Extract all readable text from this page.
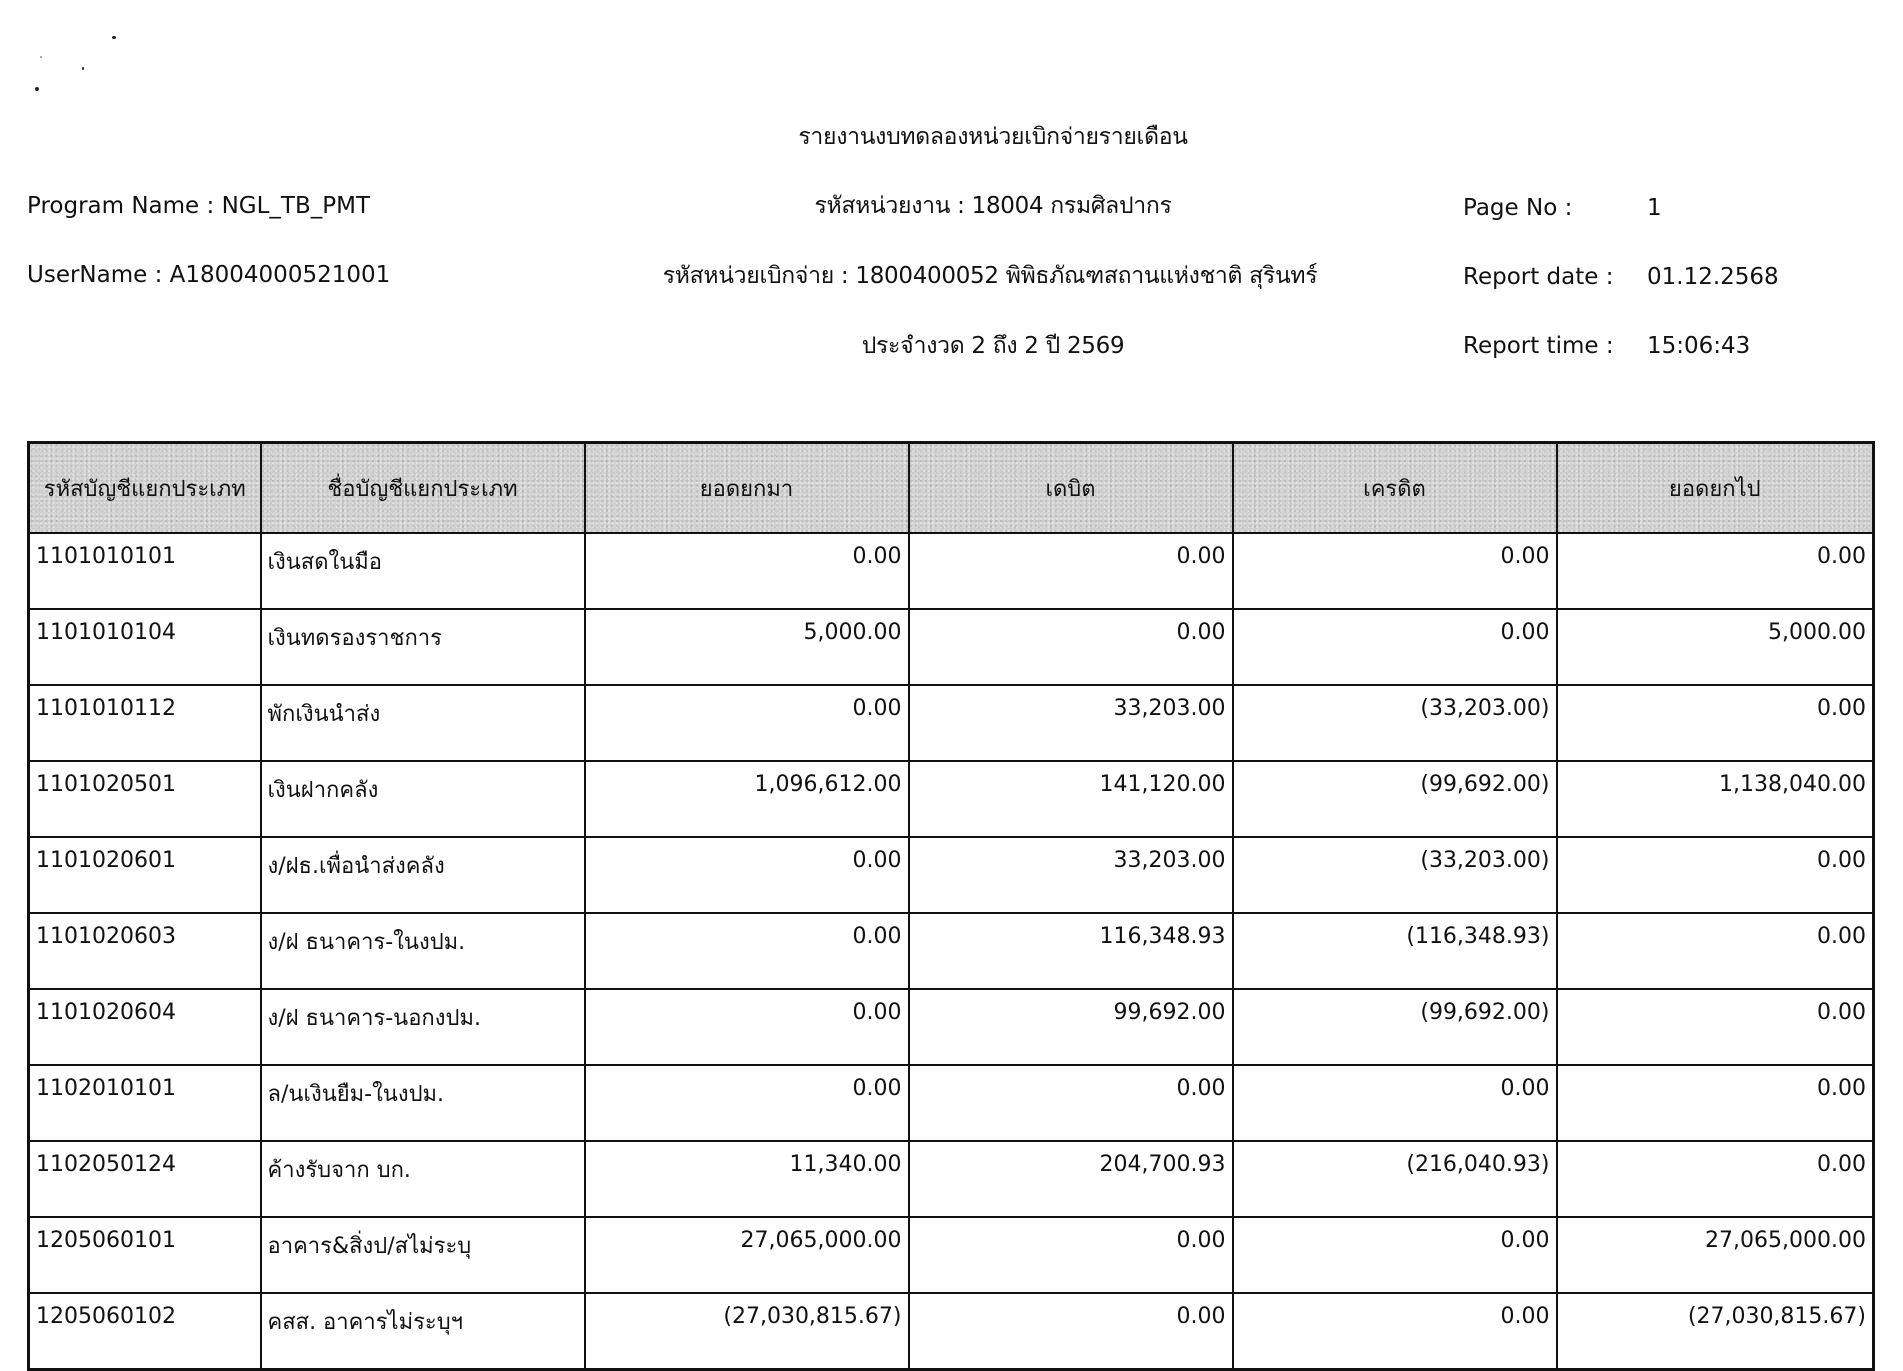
รายงานงบทดลองหน่วยเบิกจ่ายรายเดือน
รหัสหน่วยงาน : 18004 กรมศิลปากร
รหัสหน่วยเบิกจ่าย : 1800400052 พิพิธภัณฑสถานแห่งชาติ สุรินทร์
ประจำงวด 2 ถึง 2 ปี 2569
Program Name : NGL_TB_PMT
UserName : A18004000521001
Page No :	1
Report date : 01.12.2568
Report time : 15:06:43
รหัสบัญชีแยกประเภท	ชื่อบัญชีแยกประเภท	ยอดยกมา	เดบิต	เครดิต	ยอดยกไป
1101010101	เงินสดในมือ	0.00	0.00	0.00	0.00
1101010104	เงินทดรองราชการ	5,000.00	0.00	0.00	5,000.00
1101010112	พักเงินนำส่ง	0.00	33,203.00	(33,203.00)	0.00
1101020501	เงินฝากคลัง	1,096,612.00	141,120.00	(99,692.00)	1,138,040.00
1101020601	ง/ฝธ.เพื่อนำส่งคลัง	0.00	33,203.00	(33,203.00)	0.00
1101020603	ง/ฝ ธนาคาร-ในงปม.	0.00	116,348.93	(116,348.93)	0.00
1101020604	ง/ฝ ธนาคาร-นอกงปม.	0.00	99,692.00	(99,692.00)	0.00
1102010101	ล/นเงินยืม-ในงปม.	0.00	0.00	0.00	0.00
1102050124	ค้างรับจาก บก.	11,340.00	204,700.93	(216,040.93)	0.00
1205060101	อาคาร&สิ่งป/สไม่ระบุ	27,065,000.00	0.00	0.00	27,065,000.00
1205060102	คสส. อาคารไม่ระบุฯ	(27,030,815.67)	0.00	0.00	(27,030,815.67)
